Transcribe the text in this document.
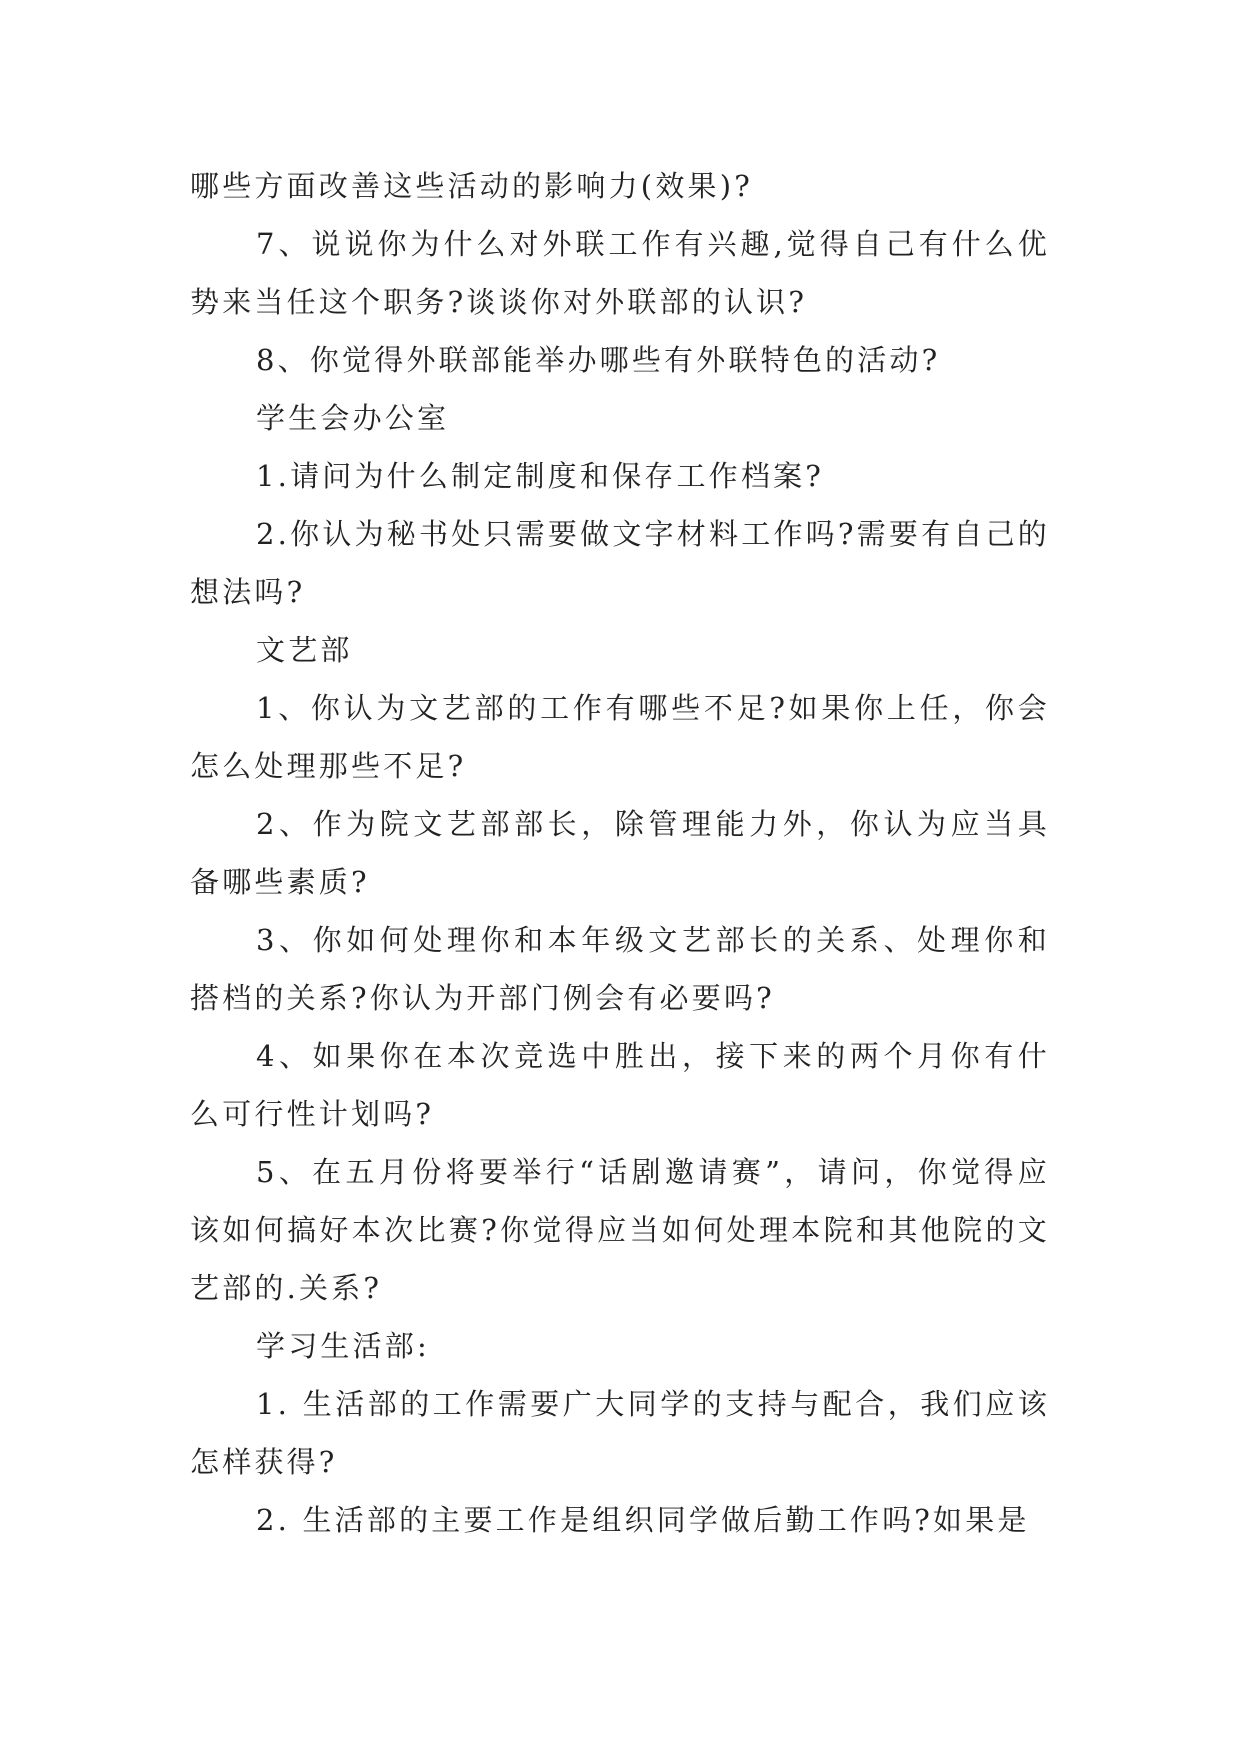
哪些方面改善这些活动的影响力(效果)?

7、说说你为什么对外联工作有兴趣,觉得自己有什么优势来当任这个职务?谈谈你对外联部的认识?

8、你觉得外联部能举办哪些有外联特色的活动?

学生会办公室

1.请问为什么制定制度和保存工作档案?

2.你认为秘书处只需要做文字材料工作吗?需要有自己的想法吗?

文艺部

1、你认为文艺部的工作有哪些不足?如果你上任，你会怎么处理那些不足?

2、作为院文艺部部长，除管理能力外，你认为应当具备哪些素质?

3、你如何处理你和本年级文艺部长的关系、处理你和搭档的关系?你认为开部门例会有必要吗?

4、如果你在本次竞选中胜出，接下来的两个月你有什么可行性计划吗?

5、在五月份将要举行“话剧邀请赛”，请问，你觉得应该如何搞好本次比赛?你觉得应当如何处理本院和其他院的文艺部的.关系?

学习生活部:

1. 生活部的工作需要广大同学的支持与配合，我们应该怎样获得?

2. 生活部的主要工作是组织同学做后勤工作吗?如果是
